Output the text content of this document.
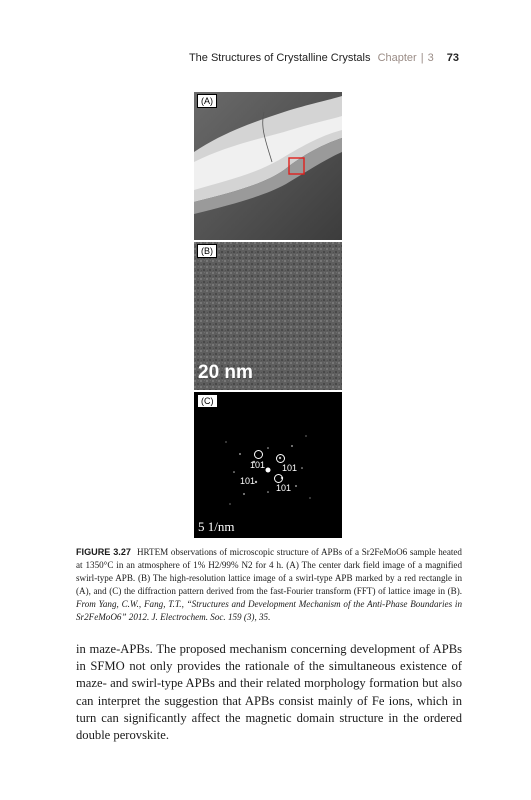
The Structures of Crystalline Crystals Chapter | 3 73
(A)
(B)
20 nm
(C)
101 101
101
101
5 1/nm
FIGURE 3.27 HRTEM observations of microscopic structure of APBs of a Sr2FeMoO6 sample heated at 1350°C in an atmosphere of 1% H2/99% N2 for 4 h. (A) The center dark field image of a magnified swirl-type APB. (B) The high-resolution lattice image of a swirl-type APB marked by a red rectangle in (A), and (C) the diffraction pattern derived from the fast-Fourier transform (FFT) of lattice image in (B). From Yang, C.W., Fang, T.T., “Structures and Development Mechanism of the Anti-Phase Boundaries in Sr2FeMoO6” 2012. J. Electrochem. Soc. 159 (3), 35.
in maze-APBs. The proposed mechanism concerning development of APBs in SFMO not only provides the rationale of the simultaneous existence of maze- and swirl-type APBs and their related morphology formation but also can interpret the suggestion that APBs consist mainly of Fe ions, which in turn can significantly affect the magnetic domain structure in the ordered double perovskite.
